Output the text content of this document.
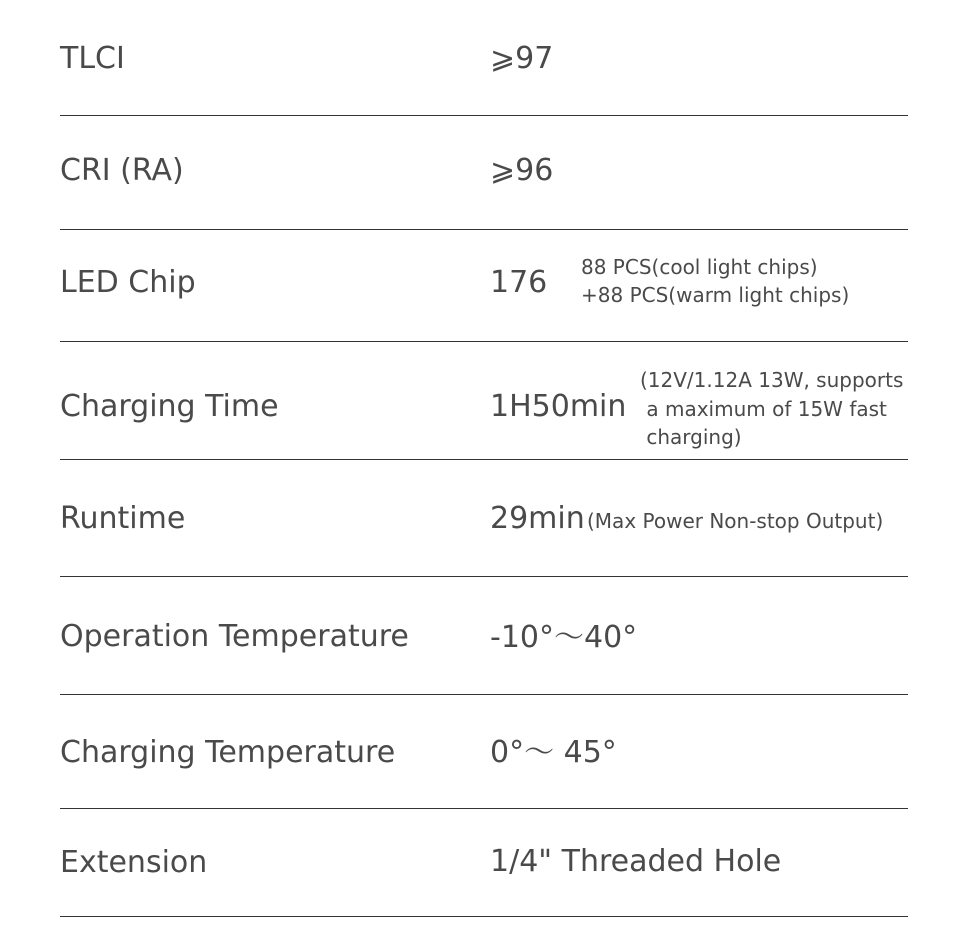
TLCI	⩾97
CRI (RA)	⩾96
LED Chip	176 88 PCS(cool light chips)
+88 PCS(warm light chips)
Charging Time	1H50min
(12V/1.12A 13W, supports
a maximum of 15W fast
charging)
Runtime	29min (Max Power Non-stop Output)
Operation Temperature	-10°～40°
Charging Temperature	0°～ 45°
Extension	1/4" Threaded Hole
